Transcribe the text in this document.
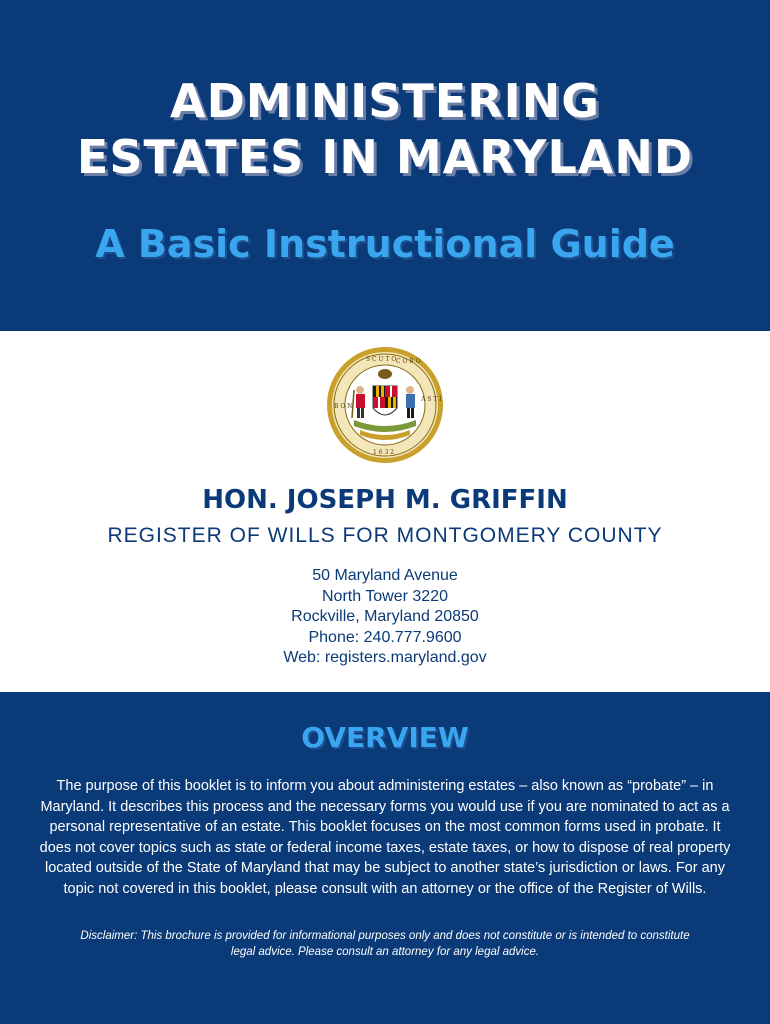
ADMINISTERING
ESTATES IN MARYLAND
A Basic Instructional Guide
S C U T O C O R O
A S T I
1 6 3 2
B O N
HON. JOSEPH M. GRIFFIN
REGISTER OF WILLS FOR MONTGOMERY COUNTY
50 Maryland Avenue
North Tower 3220
Rockville, Maryland 20850
Phone: 240.777.9600
Web: registers.maryland.gov
OVERVIEW
The purpose of this booklet is to inform you about administering estates – also known as “probate” – in Maryland. It describes this process and the necessary forms you would use if you are nominated to act as a personal representative of an estate. This booklet focuses on the most common forms used in probate. It does not cover topics such as state or federal income taxes, estate taxes, or how to dispose of real property located outside of the State of Maryland that may be subject to another state’s jurisdiction or laws. For any topic not covered in this booklet, please consult with an attorney or the office of the Register of Wills.
Disclaimer: This brochure is provided for informational purposes only and does not constitute or is intended to constitute legal advice. Please consult an attorney for any legal advice.
